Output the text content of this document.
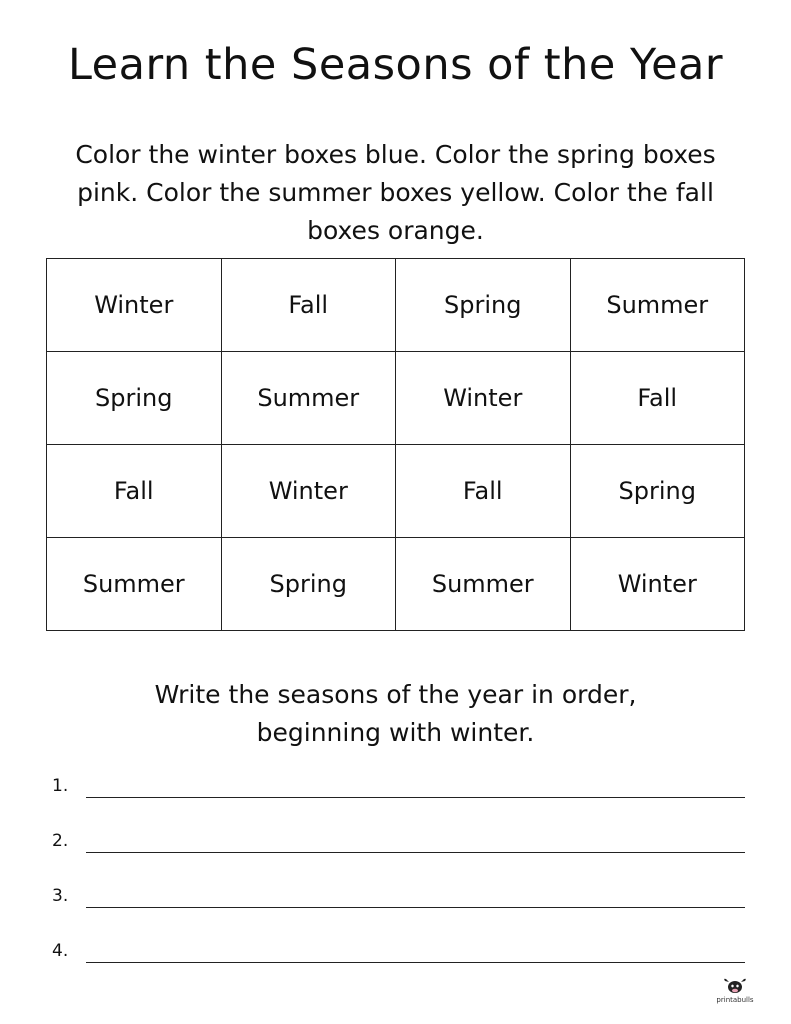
Learn the Seasons of the Year

Color the winter boxes blue. Color the spring boxes pink. Color the summer boxes yellow. Color the fall boxes orange.

Winter	Fall	Spring	Summer
Spring	Summer	Winter	Fall
Fall	Winter	Fall	Spring
Summer	Spring	Summer	Winter

Write the seasons of the year in order,
beginning with winter.

1.
2.
3.
4.
printabulls
